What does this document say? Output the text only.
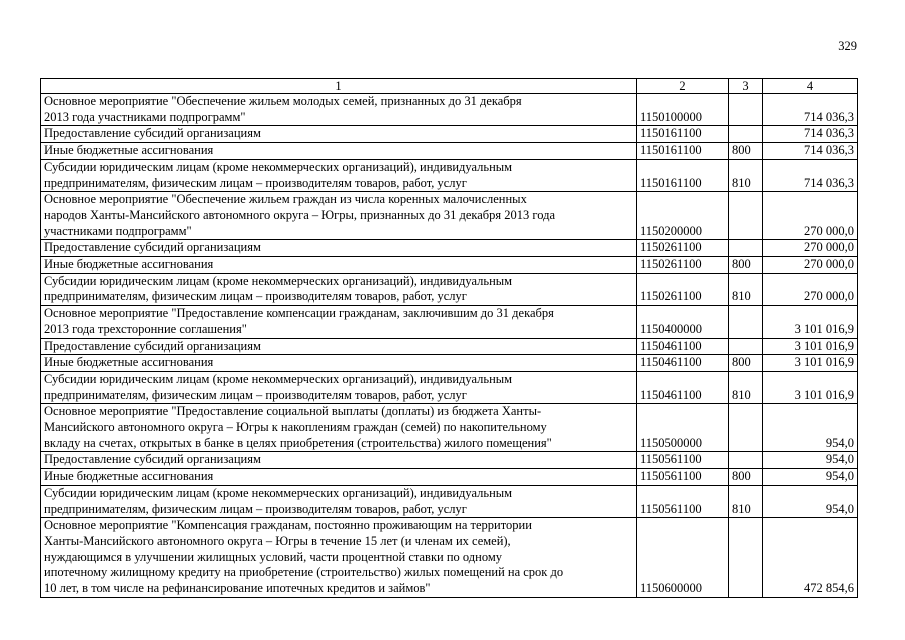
329
1	2	3	4
Основное мероприятие "Обеспечение жильем молодых семей, признанных до 31 декабря
2013 года участниками подпрограмм"	1150100000		714 036,3
Предоставление субсидий организациям	1150161100		714 036,3
Иные бюджетные ассигнования	1150161100	800	714 036,3
Субсидии юридическим лицам (кроме некоммерческих организаций), индивидуальным
предпринимателям, физическим лицам – производителям товаров, работ, услуг	1150161100	810	714 036,3
Основное мероприятие "Обеспечение жильем граждан из числа коренных малочисленных
народов Ханты-Мансийского автономного округа – Югры, признанных до 31 декабря 2013 года
участниками подпрограмм"	1150200000		270 000,0
Предоставление субсидий организациям	1150261100		270 000,0
Иные бюджетные ассигнования	1150261100	800	270 000,0
Субсидии юридическим лицам (кроме некоммерческих организаций), индивидуальным
предпринимателям, физическим лицам – производителям товаров, работ, услуг	1150261100	810	270 000,0
Основное мероприятие "Предоставление компенсации гражданам, заключившим до 31 декабря
2013 года трехсторонние соглашения"	1150400000		3 101 016,9
Предоставление субсидий организациям	1150461100		3 101 016,9
Иные бюджетные ассигнования	1150461100	800	3 101 016,9
Субсидии юридическим лицам (кроме некоммерческих организаций), индивидуальным
предпринимателям, физическим лицам – производителям товаров, работ, услуг	1150461100	810	3 101 016,9
Основное мероприятие "Предоставление социальной выплаты (доплаты) из бюджета Ханты-
Мансийского автономного округа – Югры к накоплениям граждан (семей) по накопительному
вкладу на счетах, открытых в банке в целях приобретения (строительства) жилого помещения"	1150500000		954,0
Предоставление субсидий организациям	1150561100		954,0
Иные бюджетные ассигнования	1150561100	800	954,0
Субсидии юридическим лицам (кроме некоммерческих организаций), индивидуальным
предпринимателям, физическим лицам – производителям товаров, работ, услуг	1150561100	810	954,0
Основное мероприятие "Компенсация гражданам, постоянно проживающим на территории
Ханты-Мансийского автономного округа – Югры в течение 15 лет (и членам их семей),
нуждающимся в улучшении жилищных условий, части процентной ставки по одному
ипотечному жилищному кредиту на приобретение (строительство) жилых помещений на срок до
10 лет, в том числе на рефинансирование ипотечных кредитов и займов"	1150600000		472 854,6
